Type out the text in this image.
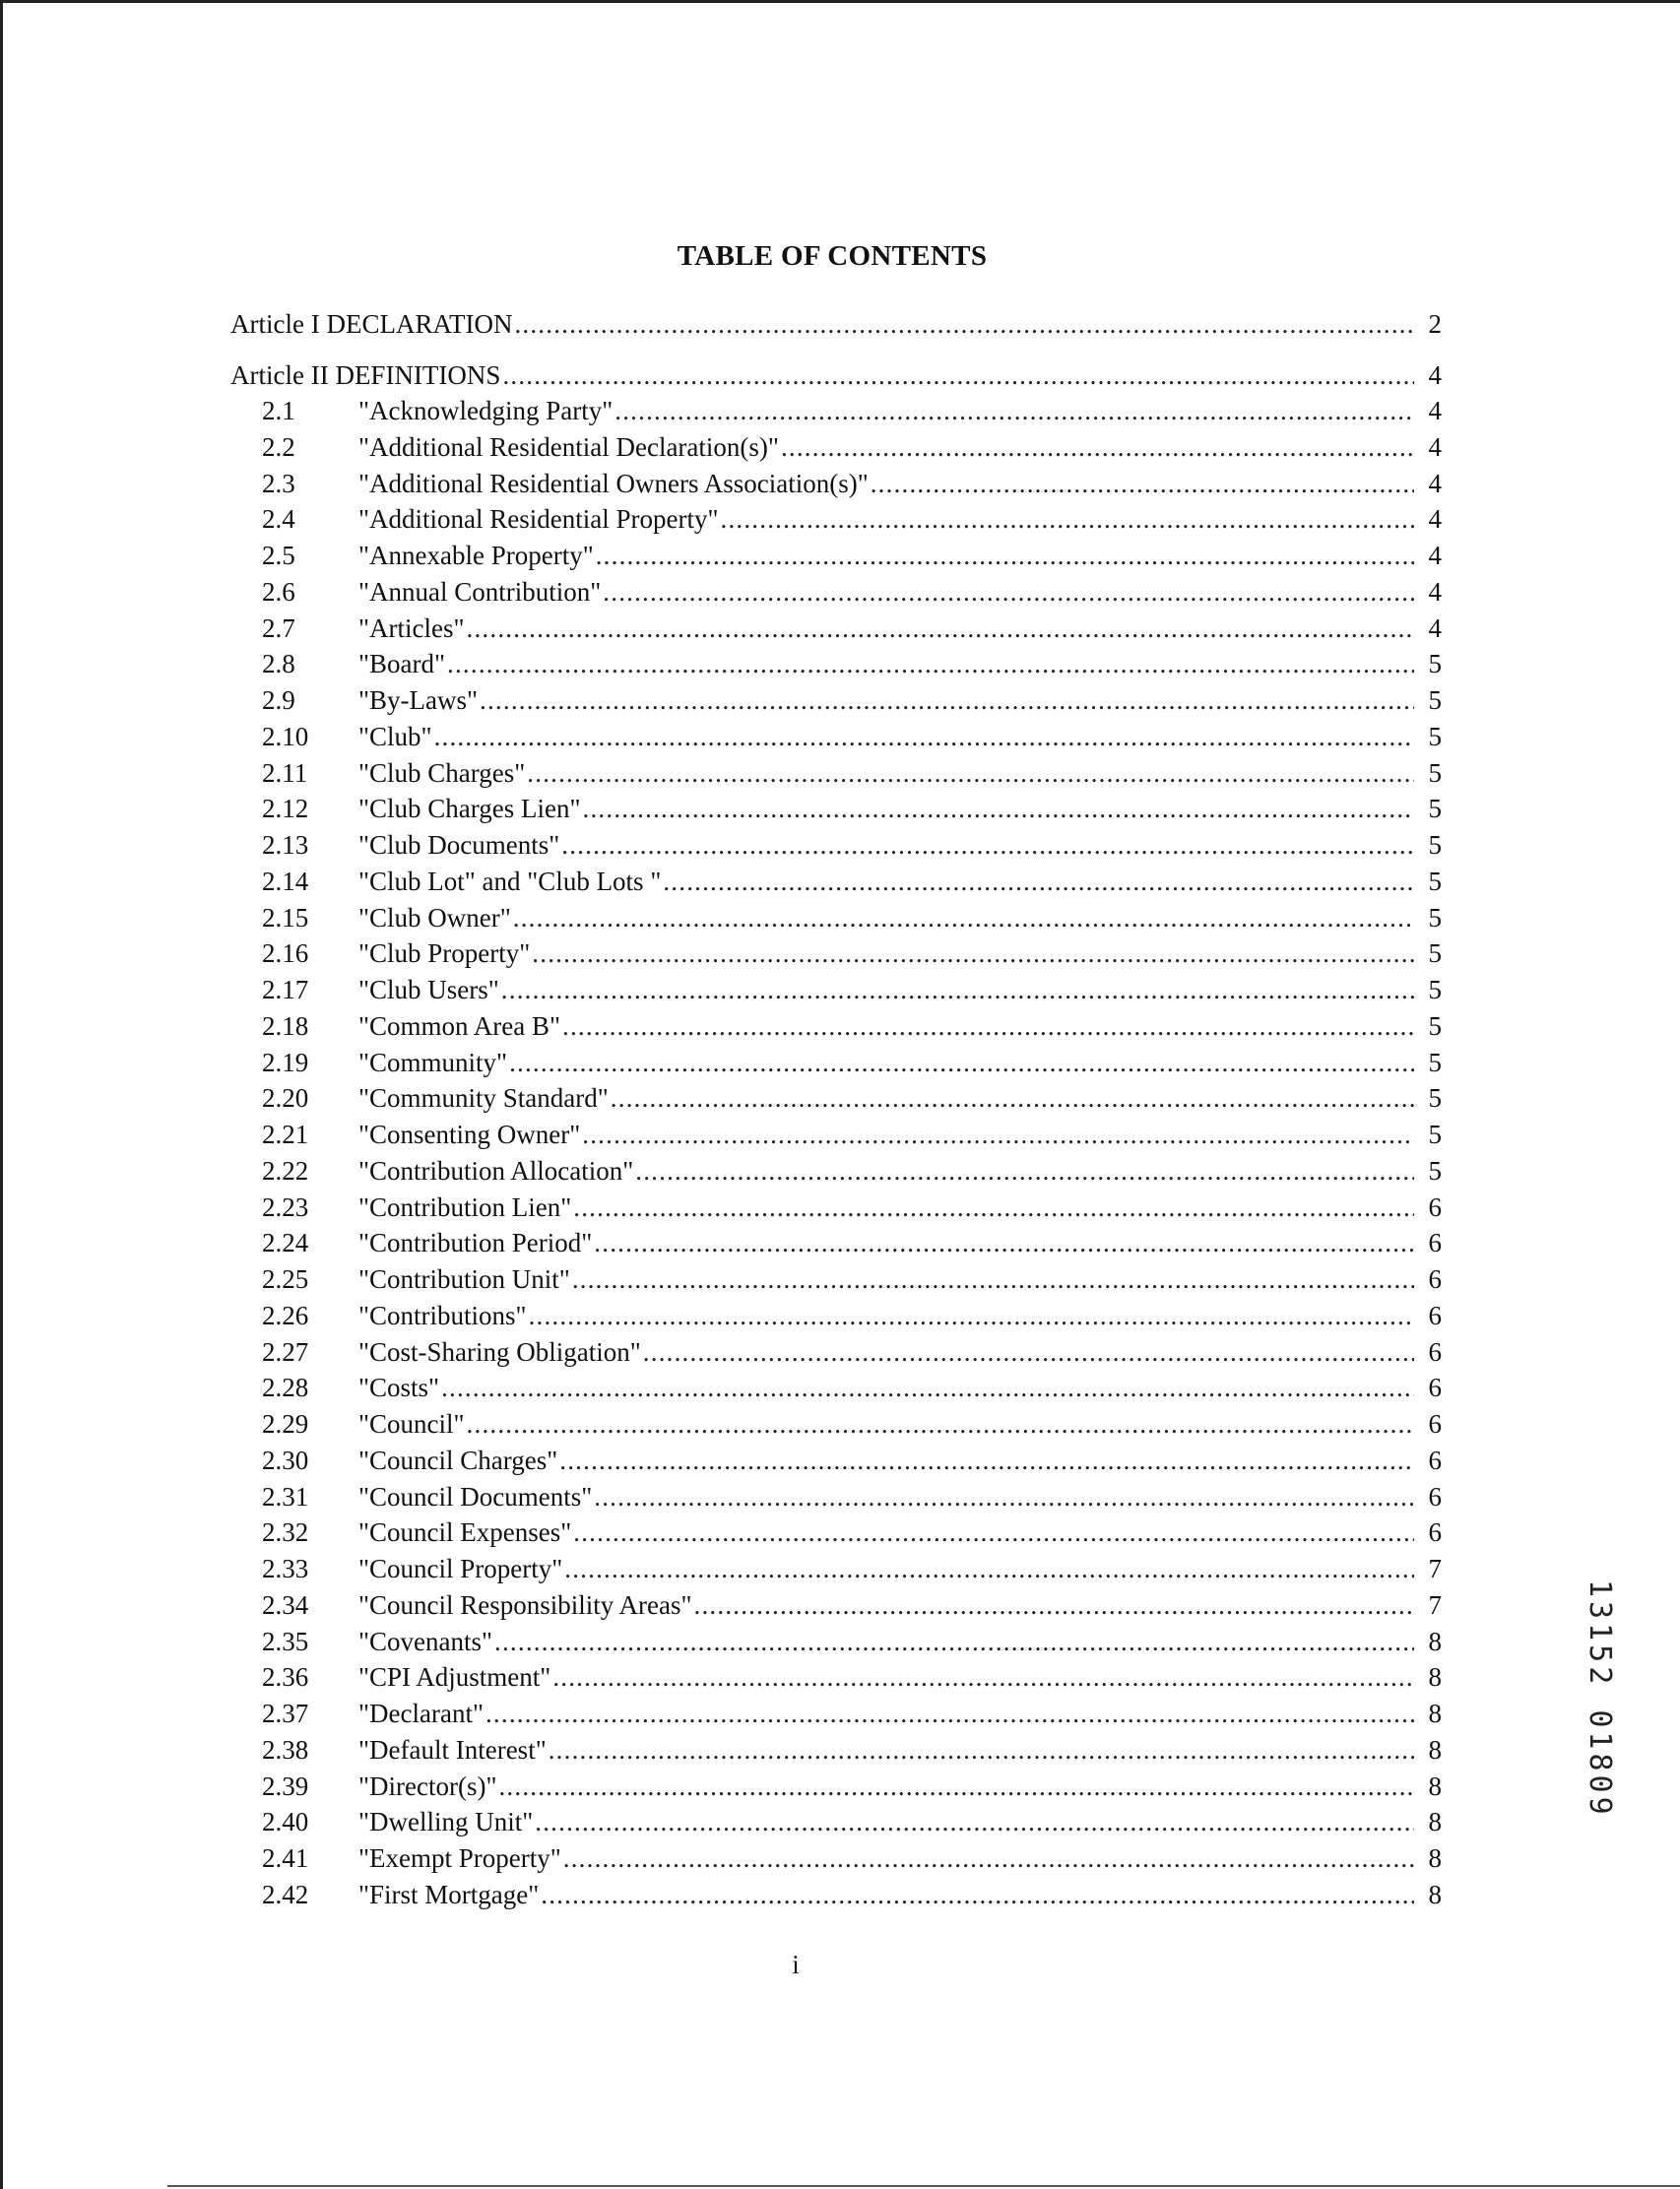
TABLE OF CONTENTS
Article I DECLARATION .....	2
Article II DEFINITIONS .....	4
2.1	"Acknowledging Party" .....	4
2.2	"Additional Residential Declaration(s)" .....	4
2.3	"Additional Residential Owners Association(s)" .....	4
2.4	"Additional Residential Property" .....	4
2.5	"Annexable Property" .....	4
2.6	"Annual Contribution" .....	4
2.7	"Articles" .....	4
2.8	"Board" .....	5
2.9	"By-Laws" .....	5
2.10	"Club" .....	5
2.11	"Club Charges" .....	5
2.12	"Club Charges Lien" .....	5
2.13	"Club Documents" .....	5
2.14	"Club Lot" and "Club Lots " .....	5
2.15	"Club Owner" .....	5
2.16	"Club Property" .....	5
2.17	"Club Users" .....	5
2.18	"Common Area B" .....	5
2.19	"Community" .....	5
2.20	"Community Standard" .....	5
2.21	"Consenting Owner" .....	5
2.22	"Contribution Allocation" .....	5
2.23	"Contribution Lien" .....	6
2.24	"Contribution Period" .....	6
2.25	"Contribution Unit" .....	6
2.26	"Contributions" .....	6
2.27	"Cost-Sharing Obligation" .....	6
2.28	"Costs" .....	6
2.29	"Council" .....	6
2.30	"Council Charges" .....	6
2.31	"Council Documents" .....	6
2.32	"Council Expenses" .....	6
2.33	"Council Property" .....	7
2.34	"Council Responsibility Areas" .....	7
2.35	"Covenants" .....	8
2.36	"CPI Adjustment" .....	8
2.37	"Declarant" .....	8
2.38	"Default Interest" .....	8
2.39	"Director(s)" .....	8
2.40	"Dwelling Unit" .....	8
2.41	"Exempt Property" .....	8
2.42	"First Mortgage" .....	8
i
13152 01809
